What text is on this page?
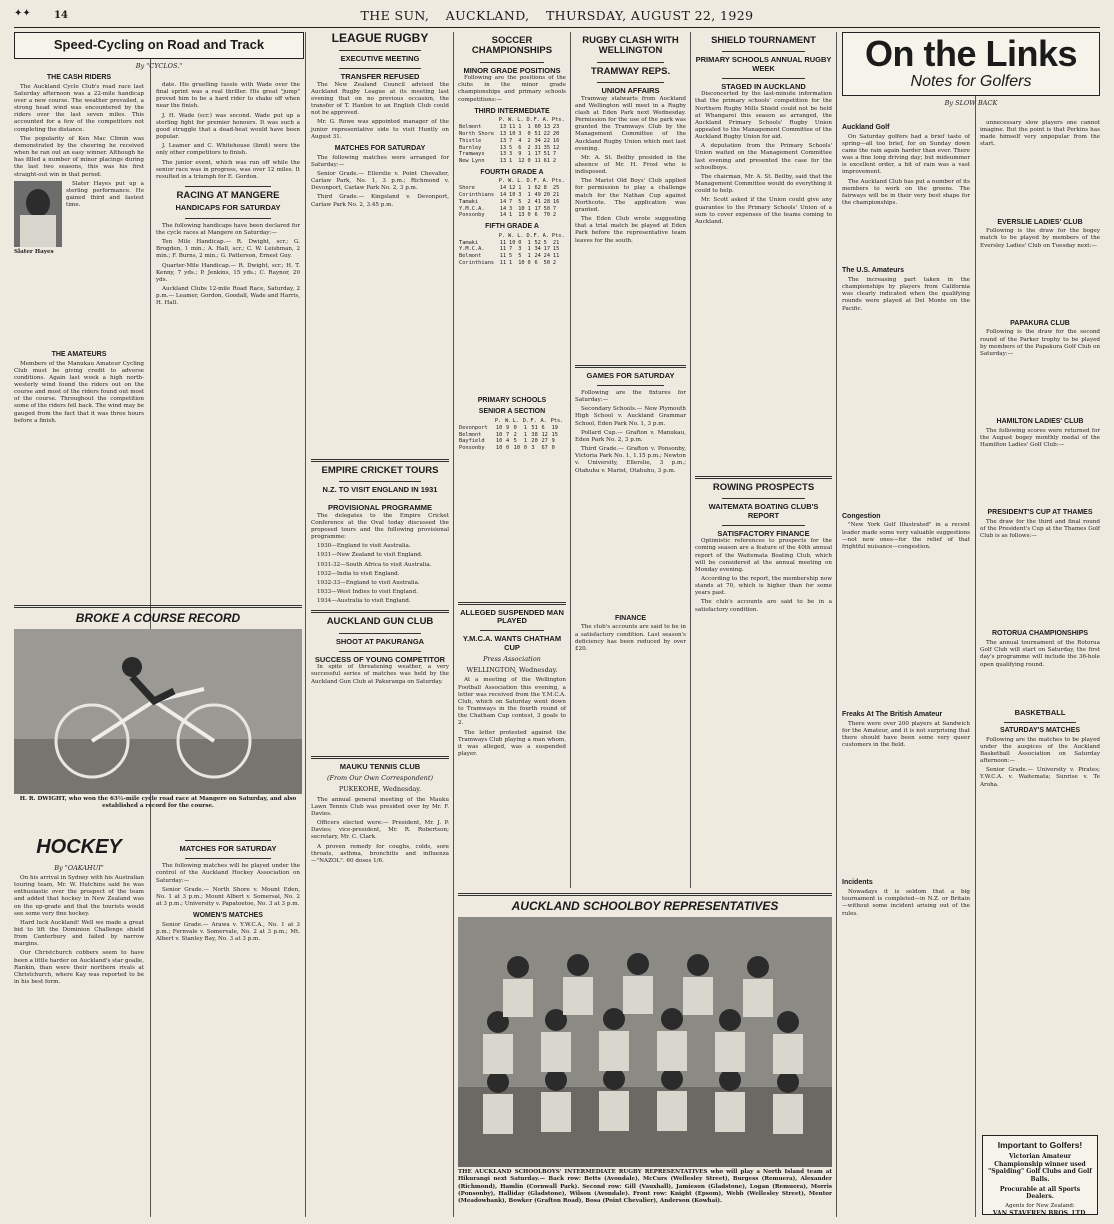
✦✦ 14	THE SUN, AUCKLAND, THURSDAY, AUGUST 22, 1929
Speed-Cycling on Road and Track
By "CYCLOS."
THE CASH RIDERS

The Auckland Cycle Club's road race last Saturday afternoon was a 22-mile handicap over a new course. The weather prevailed, a strong head wind was encountered by the riders over the last seven miles. This accounted for a few of the competitors not completing the distance.

The popularity of Ken Mac Climin was demonstrated by the cheering he received when he ran out an easy winner. Although he has filled a number of minor placings during the last two seasons, this was his first straight-out win in that period.

Slater Hayes put up a sterling performance. He gained third and fastest time.

Slater Hayes
THE AMATEURS

Members of the Manukau Amateur Cycling Club must be giving credit to adverse conditions. Again last week a high north-westerly wind found the riders out on the course and most of the riders found out most of the course. Throughout the competition some of the riders fell back. The wind may be gauged from the fact that it was three hours before a finish.

BROKE A COURSE RECORD
H. R. DWIGHT, who won the 63½-mile cycle road race at Mangere on Saturday, and also established a record for the course.
HOCKEY
By "OAKAHUI"

On his arrival in Sydney with his Australian touring team, Mr. W. Hutchins said he was enthusiastic over the prospect of the team and added that hockey in New Zealand was on the up-grade and that the tourists would see some very fine hockey.

Hard luck Auckland! Well we made a great bid to lift the Dominion Challenge shield from Canterbury and failed by narrow margins.

Our Christchurch cobbers seem to have been a little harder on Auckland's star goalie, Rankin, than were their northern rivals at Christchurch, where Kay was reported to be in his best form.

date. His gruelling tussle with Wade over the final sprint was a real thriller. His great "jump" proved him to be a hard rider to shake off when near the finish.

J. H. Wade (scr.) was second. Wade put up a sterling fight for premier honours. It was such a good struggle that a dead-heat would have been popular.

J. Leamer and C. Whitehouse (limit) were the only other competitors to finish.

The junior event, which was run off while the senior race was in progress, was over 12 miles. It resulted in a triumph for E. Gordon.

RACING AT MANGERE
HANDICAPS FOR SATURDAY

The following handicaps have been declared for the cycle races at Mangere on Saturday:—

Ten Mile Handicap.— R. Dwight, scr.; G. Brogden, 1 min.; A. Hall, scr.; C. W. Leishman, 2 min.; F. Burns, 2 min.; G. Patterson, Ernest Guy.

Quarter-Mile Handicap.— R. Dwight, scr.; H. T. Kenny, 7 yds.; P. Jenkins, 15 yds.; C. Raynor, 20 yds.

Auckland Clubs 12-mile Road Race, Saturday, 2 p.m.— Leamer, Gordon, Goodall, Wade and Harris, H. Hall.

MATCHES FOR SATURDAY

The following matches will be played under the control of the Auckland Hockey Association on Saturday:—

Senior Grade.— North Shore v. Mount Eden, No. 1 at 3 p.m.; Mount Albert v. Somersal, No. 2 at 3 p.m.; University v. Papatoetoe, No. 3 at 3 p.m.

WOMEN'S MATCHES

Senior Grade.— Arawa v. Y.W.C.A., No. 1 at 3 p.m.; Fernvale v. Somervale, No. 2 at 3 p.m.; Mt. Albert v. Stanley Bay, No. 3 at 3 p.m.

LEAGUE RUGBY
EXECUTIVE MEETING
TRANSFER REFUSED

The New Zealand Council advised the Auckland Rugby League at its meeting last evening that on no previous occasion, the transfer of T. Hanlon to an English Club could not be approved.

Mr. G. Rowe was appointed manager of the junior representative side to visit Huntly on August 31.

MATCHES FOR SATURDAY

The following matches were arranged for Saturday:—

Senior Grade.— Ellerslie v. Point Chevalier, Carlaw Park, No. 1, 3 p.m.; Richmond v. Devonport, Carlaw Park No. 2, 3 p.m.

Third Grade.— Kingsland v. Devonport, Carlaw Park No. 2, 3.45 p.m.

EMPIRE CRICKET TOURS
N.Z. TO VISIT ENGLAND IN 1931
PROVISIONAL PROGRAMME

The delegates to the Empire Cricket Conference at the Oval today discussed the proposed tours and the following provisional programme:

1930—England to visit Australia.

1931—New Zealand to visit England.

1931-32—South Africa to visit Australia.

1932—India to visit England.

1932-33—England to visit Australia.

1933—West Indies to visit England.

1934—Australia to visit England.

AUCKLAND GUN CLUB
SHOOT AT PAKURANGA
SUCCESS OF YOUNG COMPETITOR

In spite of threatening weather, a very successful series of matches was held by the Auckland Gun Club at Pakuranga on Saturday.

MAUKU TENNIS CLUB
(From Our Own Correspondent)
PUKEKOHE, Wednesday.

The annual general meeting of the Mauku Lawn Tennis Club was presided over by Mr. F. Davies.

Officers elected were:— President, Mr. J. P. Davies; vice-president, Mr. R. Robertson; secretary, Mr. C. Clark.

A proven remedy for coughs, colds, sore throats, asthma, bronchitis and influenza—"NAZOL". 60 doses 1/6.

SOCCER CHAMPIONSHIPS
MINOR GRADE POSITIONS

Following are the positions of the clubs in the minor grade championships and primary schools competitions:—

THIRD INTERMEDIATE
	P.	W.	L.	D.	F.	A.	Pts.
Belmont	13	11	1	1	60	13	23
North Shore	13	10	3	0	51	22	20
Thistle	13	7	4	2	34	22	16
Burnley	13	5	6	2	31	35	12
Tramways	13	3	9	1	17	51	7
New Lynn	13	1	12	0	11	61	2
FOURTH GRADE A
	P.	W.	L.	D.	F.	A.	Pts.
Shore	14	12	1	1	62	8	25
Corinthians	14	10	3	1	49	20	21
Tamaki	14	7	5	2	41	28	16
Y.M.C.A.	14	3	10	1	17	50	7
Ponsonby	14	1	13	0	6	70	2
FIFTH GRADE A
	P.	W.	L.	D.	F.	A.	Pts.
Tamaki	11	10	0	1	52	5	21
Y.M.C.A.	11	7	3	1	34	17	15
Belmont	11	5	5	1	24	24	11
Corinthians	11	1	10	0	6	50	2
PRIMARY SCHOOLS
SENIOR A SECTION
	P.	W.	L.	D.	F.	A.	Pts.
Devonport	10	9	0	1	51	6	19
Belmont	10	7	2	1	38	12	15
Bayfield	10	4	5	1	20	27	9
Ponsonby	10	0	10	0	3	67	0
ALLEGED SUSPENDED MAN PLAYED
Y.M.C.A. WANTS CHATHAM CUP
Press Association
WELLINGTON, Wednesday.

At a meeting of the Wellington Football Association this evening, a letter was received from the Y.M.C.A. Club, which on Saturday went down to Tramways in the fourth round of the Chatham Cup contest, 3 goals to 2.

The letter protested against the Tramways Club playing a man whom, it was alleged, was a suspended player.

RUGBY CLASH WITH WELLINGTON
TRAMWAY REPS.
UNION AFFAIRS

Tramway stalwarts from Auckland and Wellington will meet in a Rugby clash at Eden Park next Wednesday. Permission for the use of the park was granted the Tramways Club by the Management Committee of the Auckland Rugby Union which met last evening.

Mr. A. St. Beilby presided in the absence of Mr. H. Frost who is indisposed.

The Marist Old Boys' Club applied for permission to play a challenge match for the Nathan Cup against Northcote. The application was granted.

The Eden Club wrote suggesting that a trial match be played at Eden Park before the representative team leaves for the south.

GAMES FOR SATURDAY

Following are the fixtures for Saturday:—

Secondary Schools.— New Plymouth High School v. Auckland Grammar School, Eden Park No. 1, 3 p.m.

Pollard Cup.— Grafton v. Manukau, Eden Park No. 2, 3 p.m.

Third Grade.— Grafton v. Ponsonby, Victoria Park No. 1, 1.15 p.m.; Newton v. University, Ellerslie, 3 p.m.; Otahuhu v. Marist, Otahuhu, 3 p.m.

FINANCE

The club's accounts are said to be in a satisfactory condition. Last season's deficiency has been reduced by over £20.

SHIELD TOURNAMENT
PRIMARY SCHOOLS ANNUAL RUGBY WEEK
STAGED IN AUCKLAND

Disconcerted by the last-minute information that the primary schools' competition for the Northern Rugby Mills Shield could not be held at Whangarei this season as arranged, the Auckland Primary Schools' Rugby Union appealed to the Management Committee of the Auckland Rugby Union for aid.

A deputation from the Primary Schools' Union waited on the Management Committee last evening and presented the case for the schoolboys.

The chairman, Mr. A. St. Beilby, said that the Management Committee would do everything it could to help.

Mr. Scott asked if the Union could give any guarantee to the Primary Schools' Union of a sum to cover expenses of the teams coming to Auckland.

ROWING PROSPECTS
WAITEMATA BOATING CLUB'S REPORT
SATISFACTORY FINANCE

Optimistic references to prospects for the coming season are a feature of the 40th annual report of the Waitemata Boating Club, which will be considered at the annual meeting on Monday evening.

According to the report, the membership now stands at 70, which is higher than for some years past.

The club's accounts are said to be in a satisfactory condition.

AUCKLAND SCHOOLBOY REPRESENTATIVES
THE AUCKLAND SCHOOLBOYS' INTERMEDIATE RUGBY REPRESENTATIVES who will play a North Island team at Hikurangi next Saturday.— Back row: Betts (Avondale), McCurs (Wellesley Street), Burgess (Remuera), Alexander (Richmond), Hamlin (Cornwall Park). Second row: Gill (Vauxhall), Jamieson (Gladstone), Logan (Remuera), Morris (Ponsonby), Halliday (Gladstone), Wilson (Avondale). Front row: Knight (Epsom), Webb (Wellesley Street), Mentor (Meadowbank), Bowker (Grafton Road), Bosa (Point Chevalier), Anderson (Kowhai).
On the Links
Notes for Golfers
By SLOW BACK
Auckland Golf

On Saturday golfers had a brief taste of spring—all too brief, for on Sunday down came the rain again harder than ever. There was a fine long driving day; but midsummer is excellent order, a bit of rain was a vast improvement.

The Auckland Club has put a number of its members to work on the greens. The fairways will be in their very best shape for the championships.

The U.S. Amateurs

The increasing part taken in the championships by players from California was clearly indicated when the qualifying rounds were played at Del Monte on the Pacific.

Congestion

"New York Golf Illustrated" in a recent leader made some very valuable suggestions—not new ones—for the relief of that frightful nuisance—congestion.

Freaks At The British Amateur

There were over 200 players at Sandwich for the Amateur, and it is not surprising that there should have been some very queer customers in the field.

Incidents

Nowadays it is seldom that a big tournament is completed—in N.Z. or Britain—without some incident arising out of the rules.

unnecessary slow players one cannot imagine. But the point is that Perkins has made himself very unpopular from the start.

EVERSLIE LADIES' CLUB

Following is the draw for the bogey match to be played by members of the Eversley Ladies' Club on Tuesday next:—

PAPAKURA CLUB

Following is the draw for the second round of the Parker trophy to be played by members of the Papakura Golf Club on Saturday:—

HAMILTON LADIES' CLUB

The following scores were returned for the August bogey monthly medal of the Hamilton Ladies' Golf Club:—

PRESIDENT'S CUP AT THAMES

The draw for the third and final round of the President's Cup at the Thames Golf Club is as follows:—

ROTORUA CHAMPIONSHIPS

The annual tournament of the Rotorua Golf Club will start on Saturday, the first day's programme will include the 36-hole open qualifying round.

BASKETBALL
SATURDAY'S MATCHES

Following are the matches to be played under the auspices of the Auckland Basketball Association on Saturday afternoon:—

Senior Grade.— University v. Pirates; Y.W.C.A. v. Waitemata; Sunrise v. Te Aroha.

Important to Golfers!
Victorian Amateur Championship winner used "Spalding" Golf Clubs and Golf Balls.
Procurable at all Sports Dealers.
Agents for New Zealand:
VAN STAVEREN BROS. LTD.
